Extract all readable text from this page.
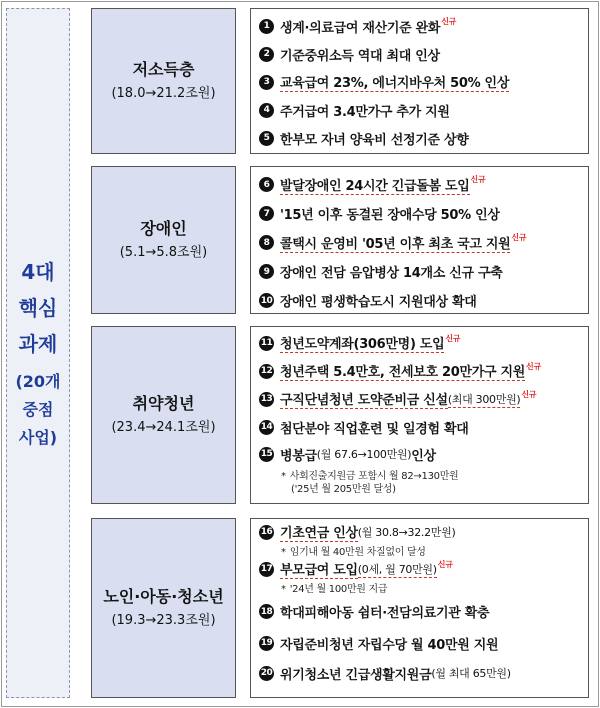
4대
핵심
과제
(20개
중점
사업)
저소득층
(18.0→21.2조원)
1 생계·의료급여 재산기준 완화 신규
2 기준중위소득 역대 최대 인상
3 교육급여 23%, 에너지바우처 50% 인상
4 주거급여 3.4만가구 추가 지원
5 한부모 자녀 양육비 선정기준 상향
장애인
(5.1→5.8조원)
6 발달장애인 24시간 긴급돌봄 도입 신규
7 '15년 이후 동결된 장애수당 50% 인상
8 콜택시 운영비 '05년 이후 최초 국고 지원 신규
9 장애인 전담 음압병상 14개소 신규 구축
10 장애인 평생학습도시 지원대상 확대
취약청년
(23.4→24.1조원)
11 청년도약계좌(306만명) 도입 신규
12 청년주택 5.4만호, 전세보호 20만가구 지원 신규
13 구직단념청년 도약준비금 신설 (최대 300만원) 신규
14 첨단분야 직업훈련 및 일경험 확대
15 병봉급 (월 67.6→100만원) 인상
* 사회진출지원금 포함시 월 82→130만원
('25년 월 205만원 달성)
노인·아동·청소년
(19.3→23.3조원)
16 기초연금 인상 (월 30.8→32.2만원)
* 임기내 월 40만원 차질없이 달성
17 부모급여 도입 (0세, 월 70만원) 신규
* '24년 월 100만원 지급
18 학대피해아동 쉼터·전담의료기관 확충
19 자립준비청년 자립수당 월 40만원 지원
20 위기청소년 긴급생활지원금 (월 최대 65만원)
